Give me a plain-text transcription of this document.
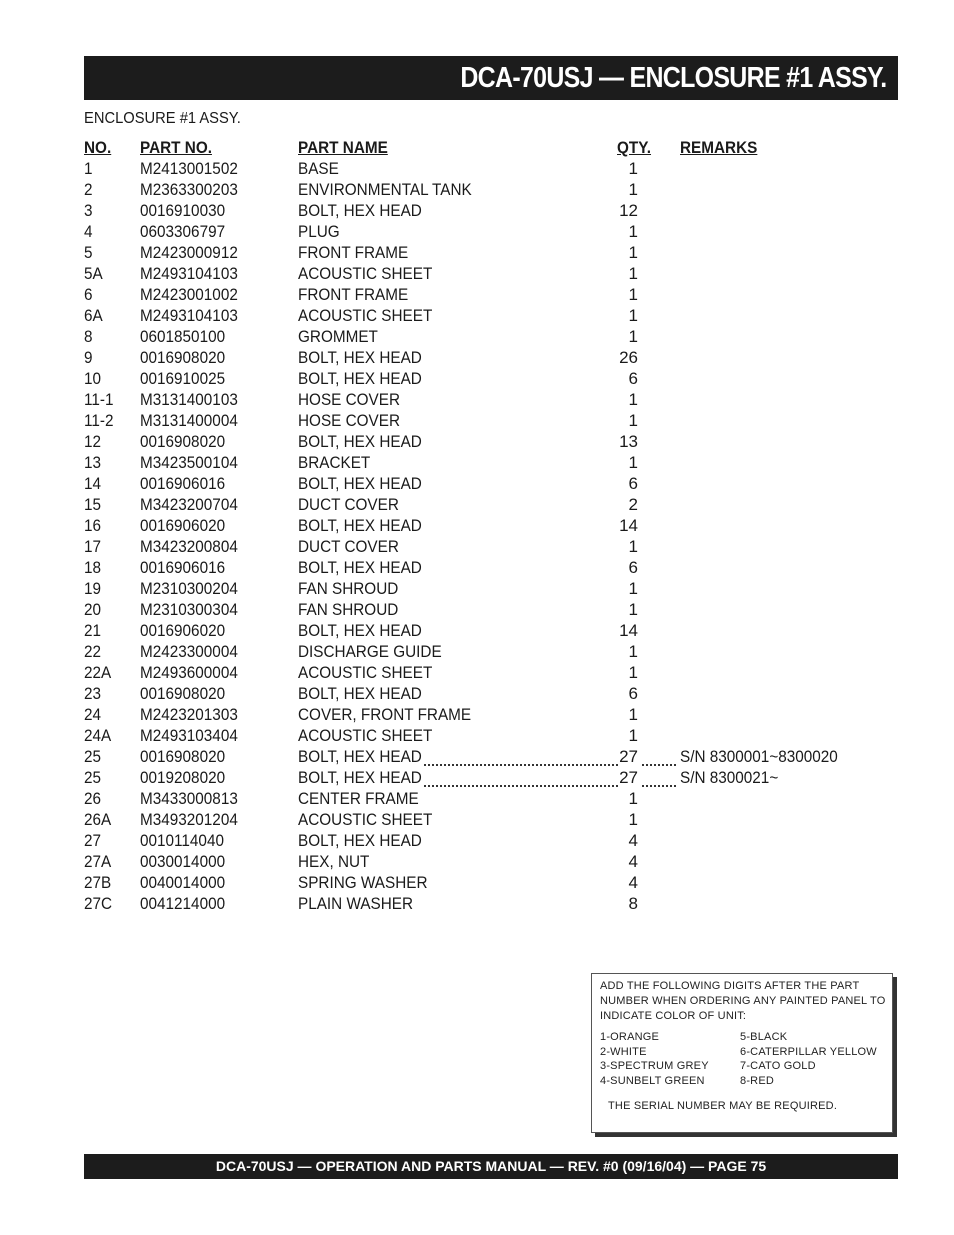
DCA-70USJ — ENCLOSURE #1 ASSY.
ENCLOSURE #1 ASSY.
NO. PART NO.	PART NAME	QTY. REMARKS
1	M2413001502	BASE	1
2	M2363300203	ENVIRONMENTAL TANK	1
3	0016910030	BOLT, HEX HEAD	12
4	0603306797	PLUG	1
5	M2423000912	FRONT FRAME	1
5A M2493104103	ACOUSTIC SHEET	1
6	M2423001002	FRONT FRAME	1
6A M2493104103	ACOUSTIC SHEET	1
8	0601850100	GROMMET	1
9	0016908020	BOLT, HEX HEAD	26
10 0016910025	BOLT, HEX HEAD	6
11-1 M3131400103	HOSE COVER	1
11-2 M3131400004	HOSE COVER	1
12 0016908020	BOLT, HEX HEAD	13
13 M3423500104	BRACKET	1
14 0016906016	BOLT, HEX HEAD	6
15 M3423200704	DUCT COVER	2
16 0016906020	BOLT, HEX HEAD	14
17 M3423200804	DUCT COVER	1
18 0016906016	BOLT, HEX HEAD	6
19 M2310300204	FAN SHROUD	1
20 M2310300304	FAN SHROUD	1
21 0016906020	BOLT, HEX HEAD	14
22 M2423300004	DISCHARGE GUIDE	1
22A M2493600004	ACOUSTIC SHEET	1
23 0016908020	BOLT, HEX HEAD	6
24 M2423201303	COVER, FRONT FRAME	1
24A M2493103404	ACOUSTIC SHEET	1
25 0016908020	BOLT, HEX HEAD	27 S/N 8300001~8300020
25 0019208020	BOLT, HEX HEAD	27 S/N 8300021~
26 M3433000813	CENTER FRAME	1
26A M3493201204	ACOUSTIC SHEET	1
27 0010114040	BOLT, HEX HEAD	4
27A 0030014000	HEX, NUT	4
27B 0040014000	SPRING WASHER	4
27C 0041214000	PLAIN WASHER	8
ADD THE FOLLOWING DIGITS AFTER THE PART NUMBER WHEN ORDERING ANY PAINTED PANEL TO INDICATE COLOR OF UNIT:
1-ORANGE
2-WHITE
3-SPECTRUM GREY
4-SUNBELT GREEN
5-BLACK
6-CATERPILLAR YELLOW
7-CATO GOLD
8-RED
THE SERIAL NUMBER MAY BE REQUIRED.
DCA-70USJ — OPERATION AND PARTS MANUAL — REV. #0 (09/16/04) — PAGE 75
